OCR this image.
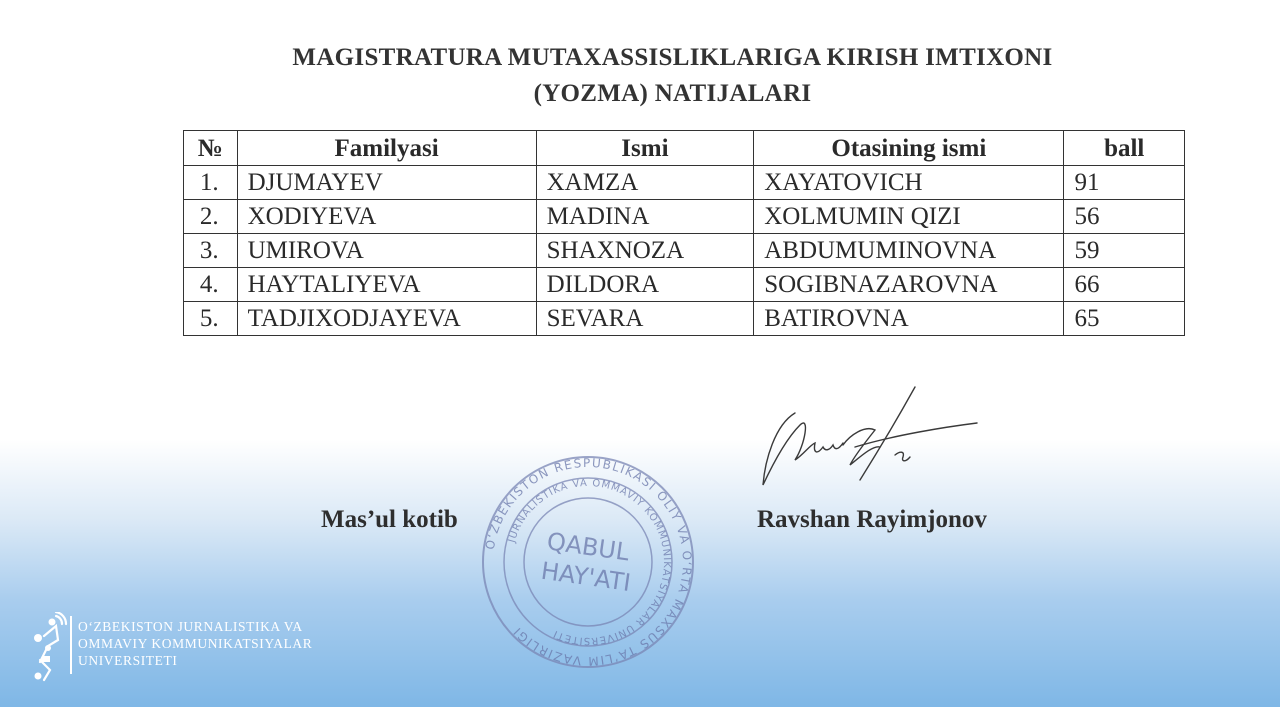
MAGISTRATURA MUTAXASSISLIKLARIGA KIRISH IMTIXONI
(YOZMA) NATIJALARI
№	Familyasi	Ismi	Otasining ismi	ball
1.	DJUMAYEV	XAMZA	XAYATOVICH	91
2.	XODIYEVA	MADINA	XOLMUMIN QIZI	56
3.	UMIROVA	SHAXNOZA	ABDUMUMINOVNA	59
4.	HAYTALIYEVA	DILDORA	SOGIBNAZAROVNA	66
5.	TADJIXODJAYEVA	SEVARA	BATIROVNA	65
Mas’ul kotib	Ravshan Rayimjonov
O‘ZBEKISTON RESPUBLIKASI OLIY VA O‘RTA MAXSUS TA’LIM VAZIRLIGI
JURNALISTIKA VA OMMAVIY KOMMUNIKATSIYALAR UNIVERSITETI
QABUL
HAY'ATI
O‘ZBEKISTON JURNALISTIKA VA
OMMAVIY KOMMUNIKATSIYALAR
UNIVERSITETI
